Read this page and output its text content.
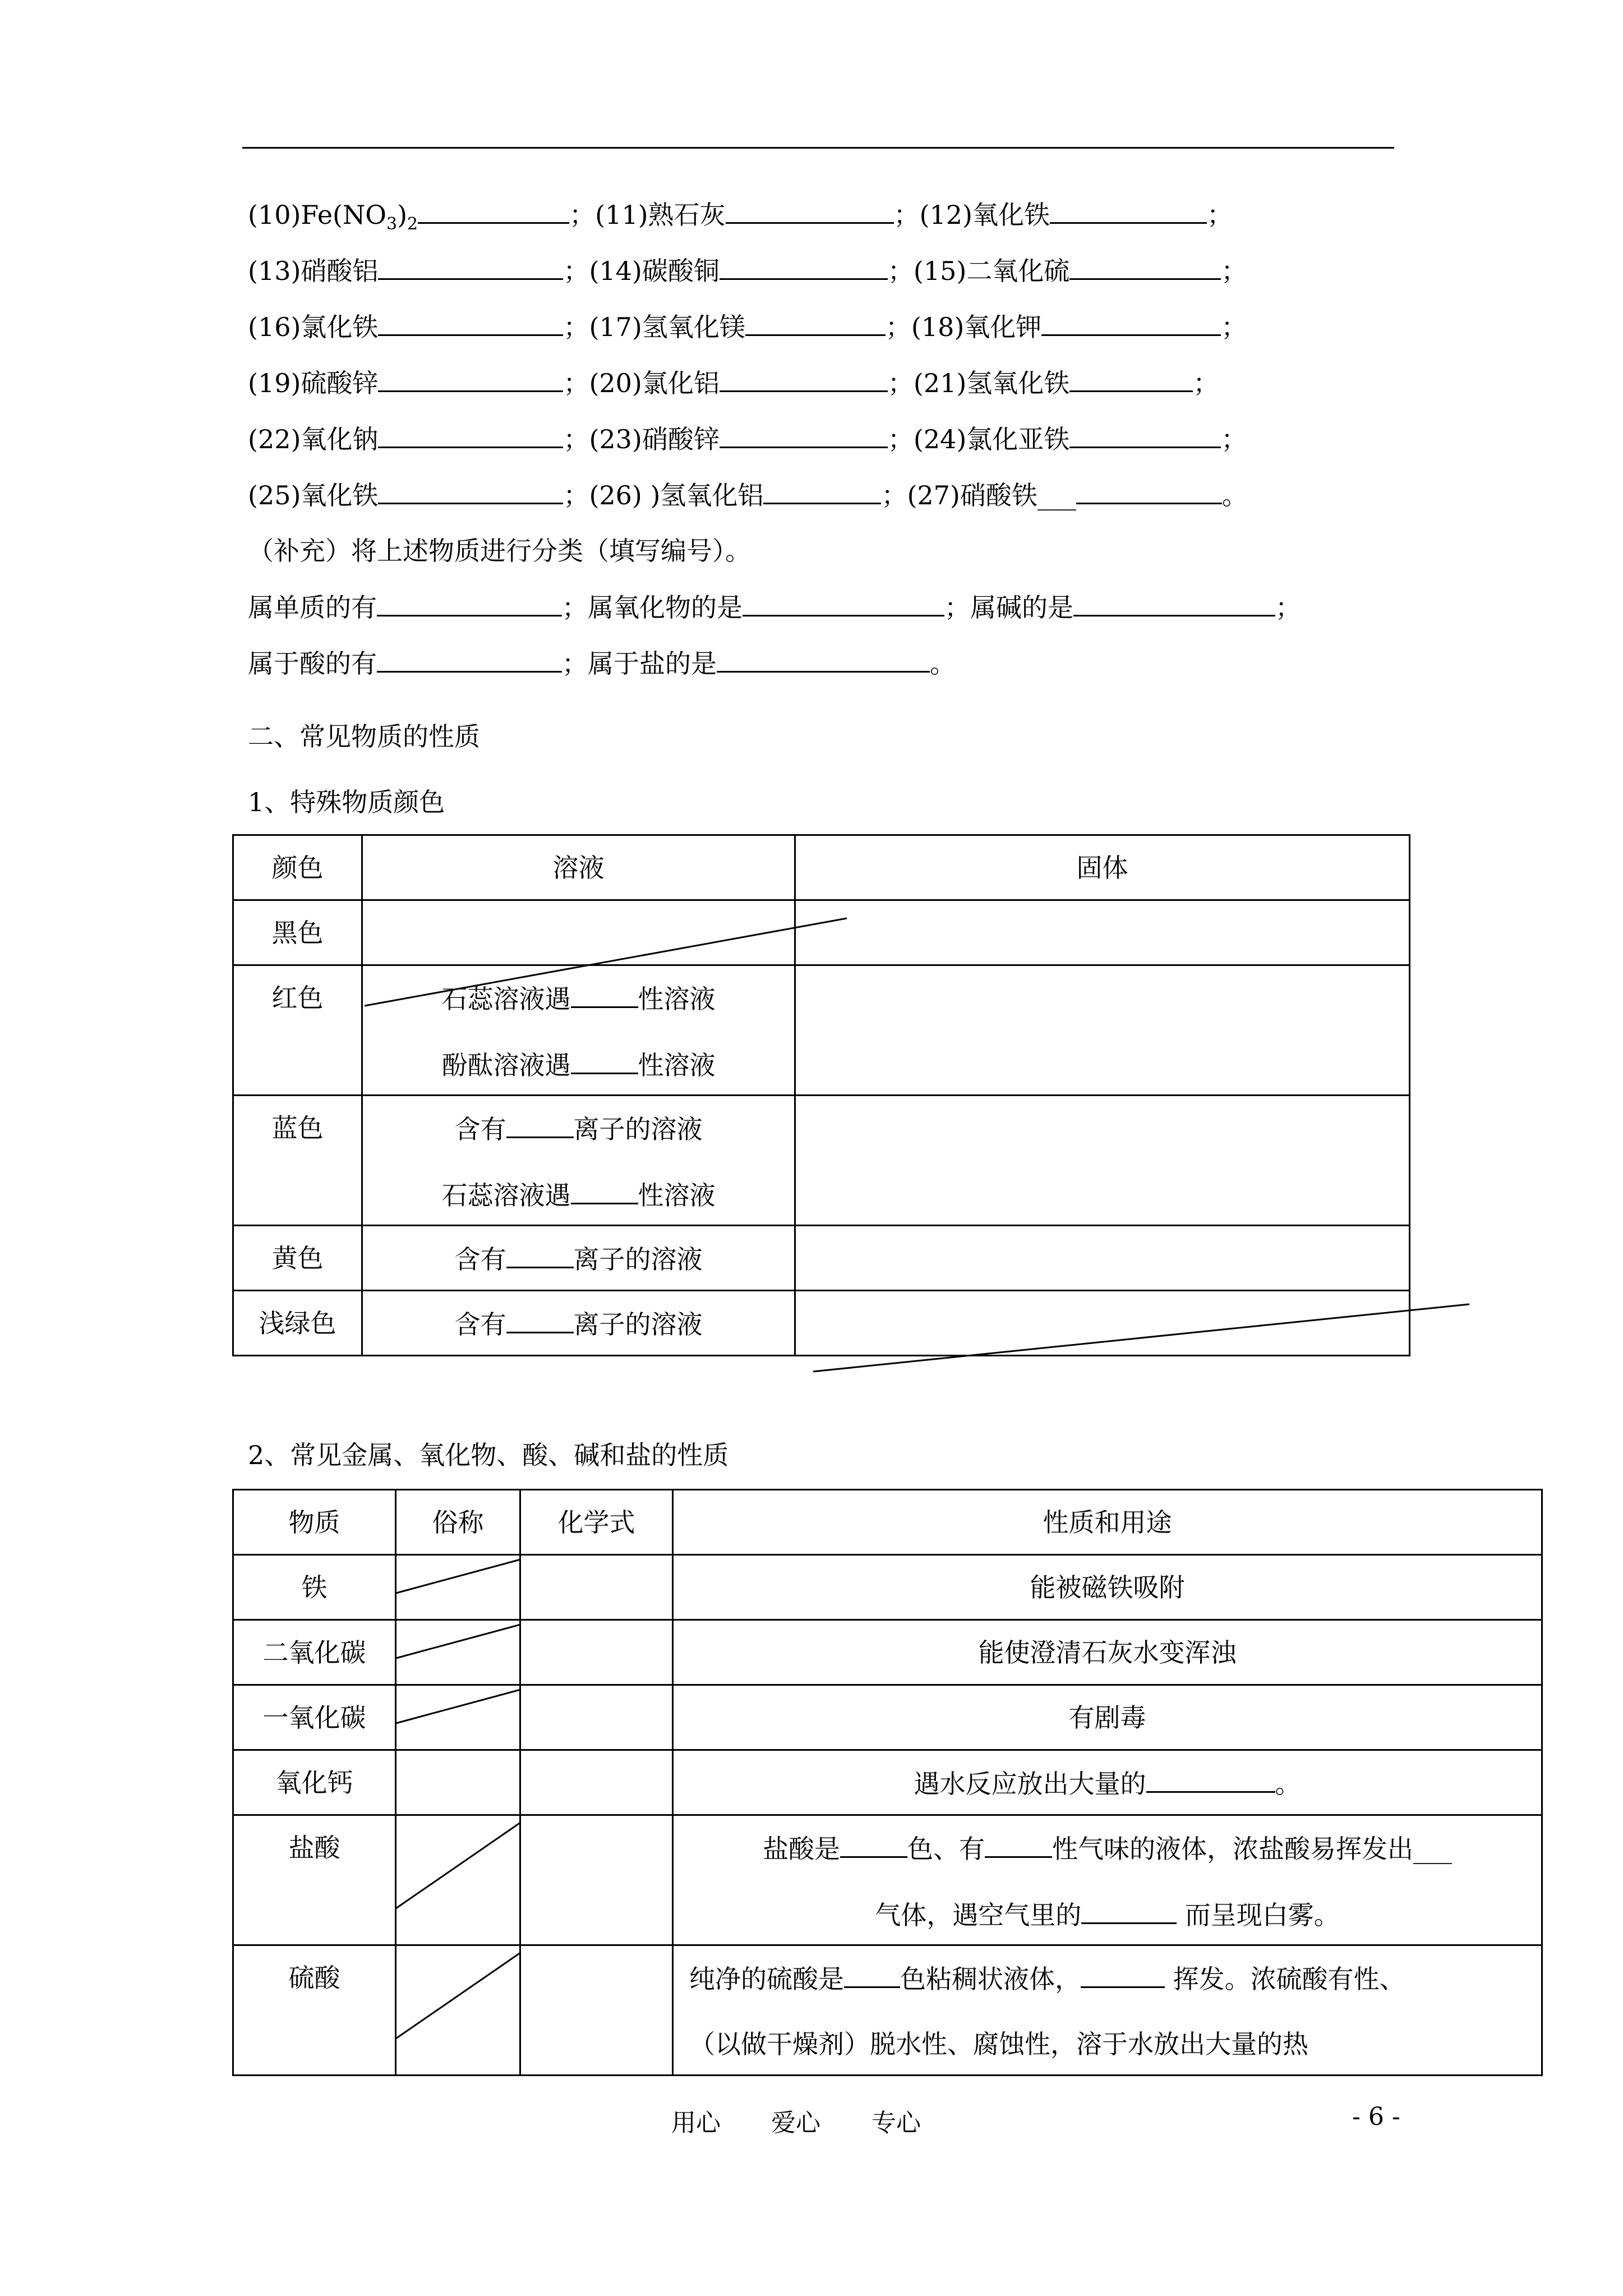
$(10)Fe(NO_3)_2$	；(11)熟石灰	；(12)氧化铁	；
(13)硝酸铝	；(14)碳酸铜	；(15)二氧化硫	；
(16)氯化铁	；(17)氢氧化镁	；(18)氧化钾	；
(19)硫酸锌	；(20)氯化铝	；(21)氢氧化铁	；
(22)氧化钠	；(23)硝酸锌	；(24)氯化亚铁	；
(25)氧化铁	；(26) )氢氧化铝	；(27)硝酸铁___	。
（补充）将上述物质进行分类（填写编号）。
属单质的有	；属氧化物的是	；属碱的是	；
属于酸的有	；属于盐的是	。
二、常见物质的性质
1、特殊物质颜色
颜色	溶液	固体
黑色		
红色	石蕊溶液遇 性溶液
酚酞溶液遇 性溶液	

蓝色	含有 离子的溶液
石蕊溶液遇 性溶液	

黄色	含有 离子的溶液	
浅绿色	含有 离子的溶液	
2、常见金属、氧化物、酸、碱和盐的性质
物质	俗称	化学式	性质和用途
铁			能被磁铁吸附
二氧化碳			能使澄清石灰水变浑浊
一氧化碳			有剧毒
氧化钙			遇水反应放出大量的 。
盐酸			盐酸是 色、有 性气味的液体，浓盐酸易挥发出___
气体，遇空气里的 而呈现白雾。

硫酸			纯净的硫酸是 色粘稠状液体， 挥发。浓硫酸有性、
（以做干燥剂）脱水性、腐蚀性，溶于水放出大量的热
用心 爱心 专心	- 6 -
